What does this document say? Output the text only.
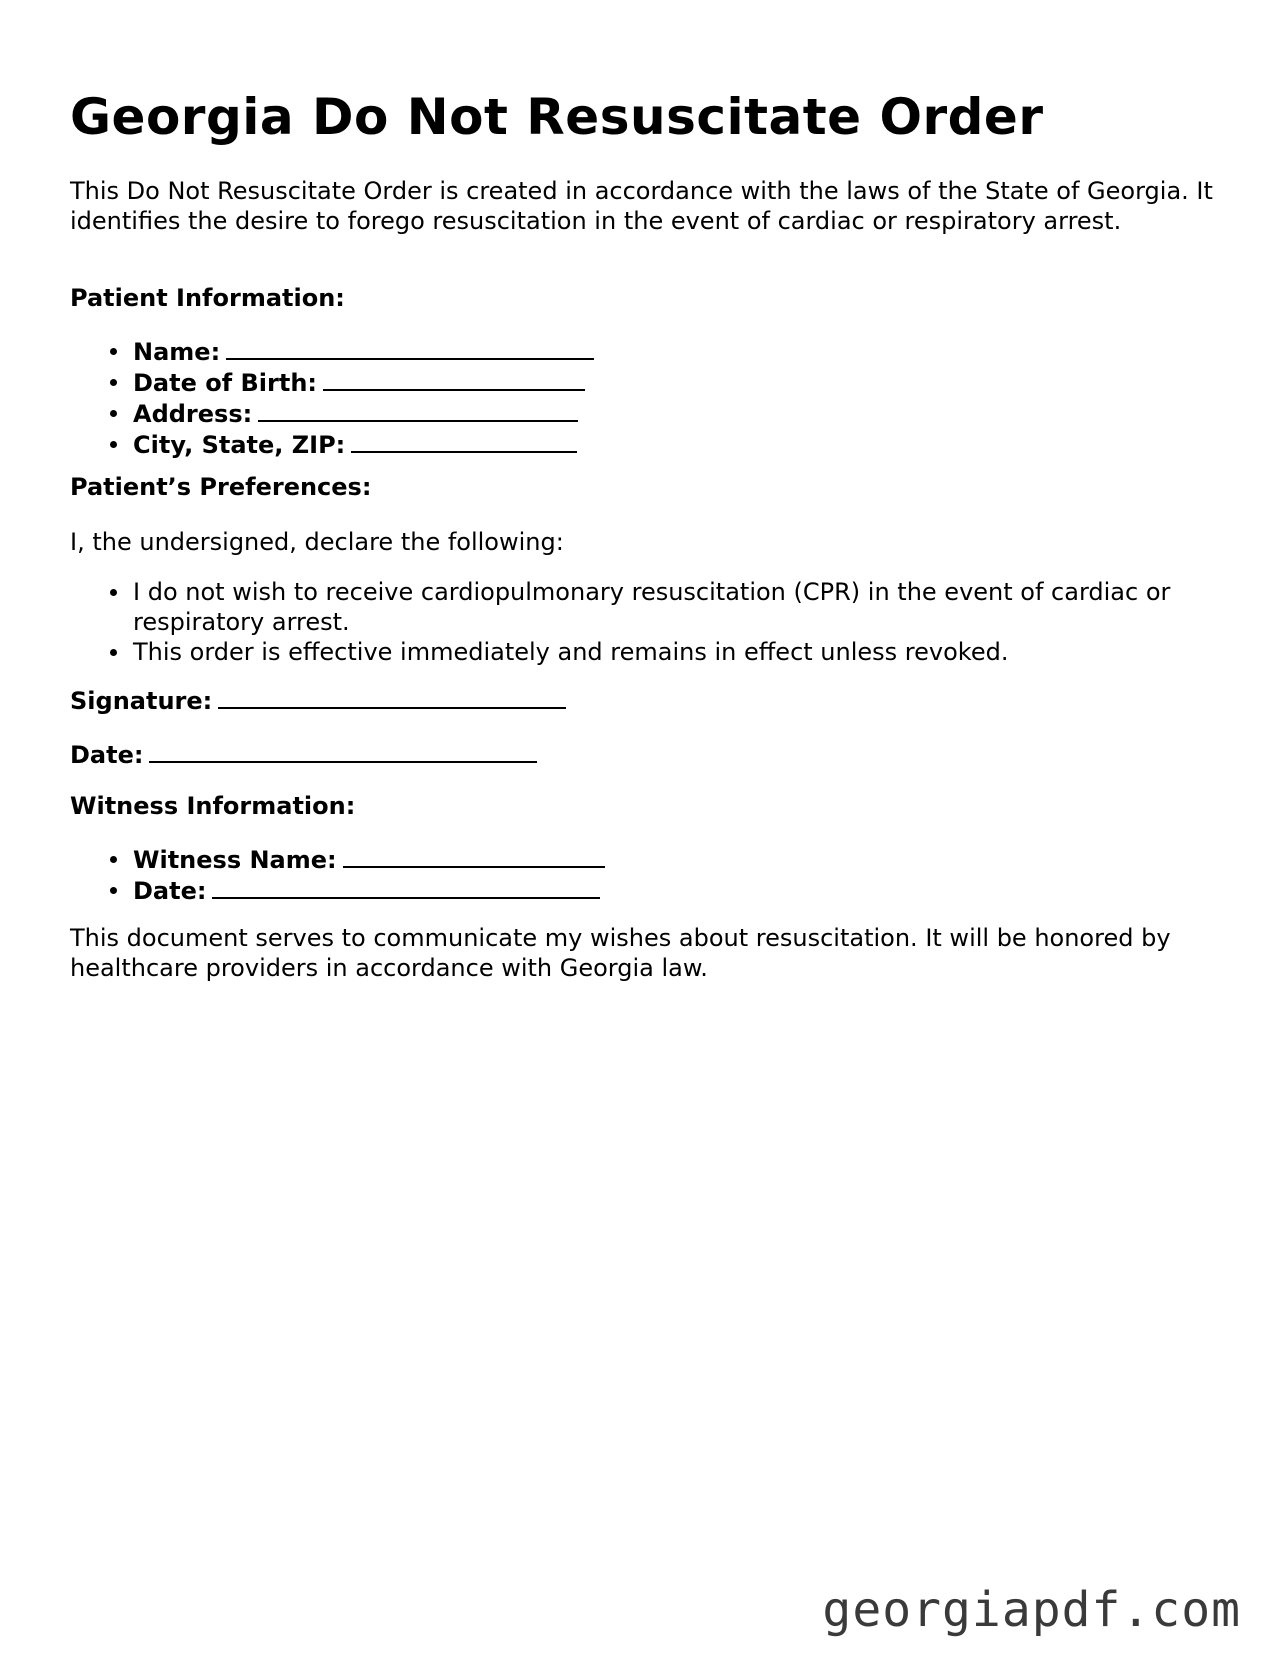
Georgia Do Not Resuscitate Order

This Do Not Resuscitate Order is created in accordance with the laws of the State of Georgia. It identifies the desire to forego resuscitation in the event of cardiac or respiratory arrest.

Patient Information:
Name:
Date of Birth:
Address:
City, State, ZIP:
Patient’s Preferences:

I, the undersigned, declare the following:

I do not wish to receive cardiopulmonary resuscitation (CPR) in the event of cardiac or respiratory arrest.
This order is effective immediately and remains in effect unless revoked.
Signature:
Date:
Witness Information:
Witness Name:
Date:

This document serves to communicate my wishes about resuscitation. It will be honored by healthcare providers in accordance with Georgia law.

georgiapdf.com
